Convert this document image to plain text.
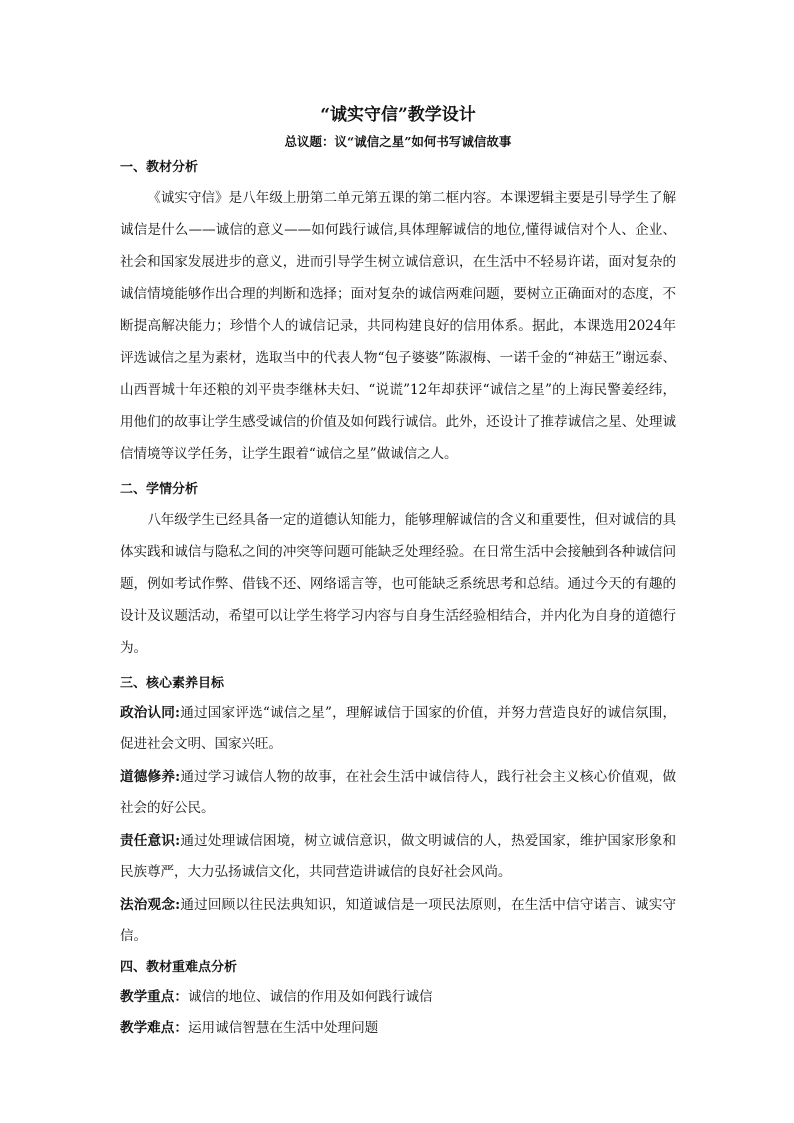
“诚实守信”教学设计
总议题：议“诚信之星”如何书写诚信故事
一、教材分析

《诚实守信》是八年级上册第二单元第五课的第二框内容。本课逻辑主要是引导学生了解诚信是什么——诚信的意义——如何践行诚信,具体理解诚信的地位,懂得诚信对个人、企业、社会和国家发展进步的意义，进而引导学生树立诚信意识，在生活中不轻易许诺，面对复杂的诚信情境能够作出合理的判断和选择；面对复杂的诚信两难问题，要树立正确面对的态度，不断提高解决能力；珍惜个人的诚信记录，共同构建良好的信用体系。据此，本课选用2024年评选诚信之星为素材，选取当中的代表人物“包子婆婆”陈淑梅、一诺千金的“神菇王”谢远泰、山西晋城十年还粮的刘平贵李继林夫妇、“说谎”12年却获评“诚信之星”的上海民警姜经纬，用他们的故事让学生感受诚信的价值及如何践行诚信。此外，还设计了推荐诚信之星、处理诚信情境等议学任务，让学生跟着“诚信之星”做诚信之人。

二、学情分析

八年级学生已经具备一定的道德认知能力，能够理解诚信的含义和重要性，但对诚信的具体实践和诚信与隐私之间的冲突等问题可能缺乏处理经验。在日常生活中会接触到各种诚信问题，例如考试作弊、借钱不还、网络谣言等，也可能缺乏系统思考和总结。通过今天的有趣的设计及议题活动，希望可以让学生将学习内容与自身生活经验相结合，并内化为自身的道德行为。

三、核心素养目标

政治认同:通过国家评选“诚信之星”，理解诚信于国家的价值，并努力营造良好的诚信氛围，促进社会文明、国家兴旺。

道德修养:通过学习诚信人物的故事，在社会生活中诚信待人，践行社会主义核心价值观，做社会的好公民。

责任意识:通过处理诚信困境，树立诚信意识，做文明诚信的人，热爱国家，维护国家形象和民族尊严，大力弘扬诚信文化，共同营造讲诚信的良好社会风尚。

法治观念:通过回顾以往民法典知识，知道诚信是一项民法原则，在生活中信守诺言、诚实守信。

四、教材重难点分析

教学重点：诚信的地位、诚信的作用及如何践行诚信

教学难点：运用诚信智慧在生活中处理问题
